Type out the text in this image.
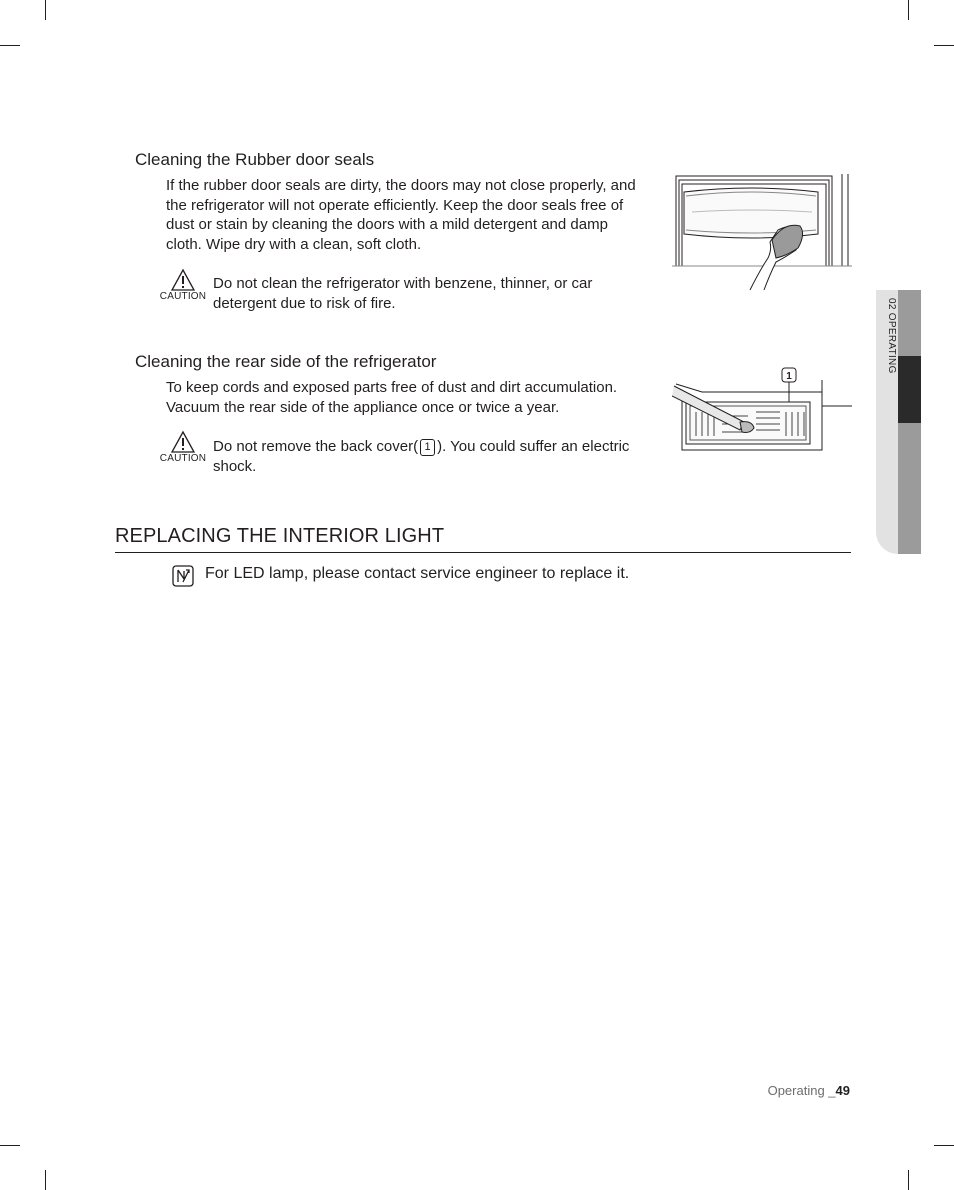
Cleaning the Rubber door seals
If the rubber door seals are dirty, the doors may not close properly, and
the refrigerator will not operate efficiently. Keep the door seals free of
dust or stain by cleaning the doors with a mild detergent and damp
cloth. Wipe dry with a clean, soft cloth.
CAUTION
Do not clean the refrigerator with benzene, thinner, or car
detergent due to risk of fire.
Cleaning the rear side of the refrigerator
To keep cords and exposed parts free of dust and dirt accumulation.
Vacuum the rear side of the appliance once or twice a year.
CAUTION
Do not remove the back cover( 1 ). You could suffer an electric
shock.
1
REPLACING THE INTERIOR LIGHT

For LED lamp, please contact service engineer to replace it.

02 OPERATING
Operating _49
